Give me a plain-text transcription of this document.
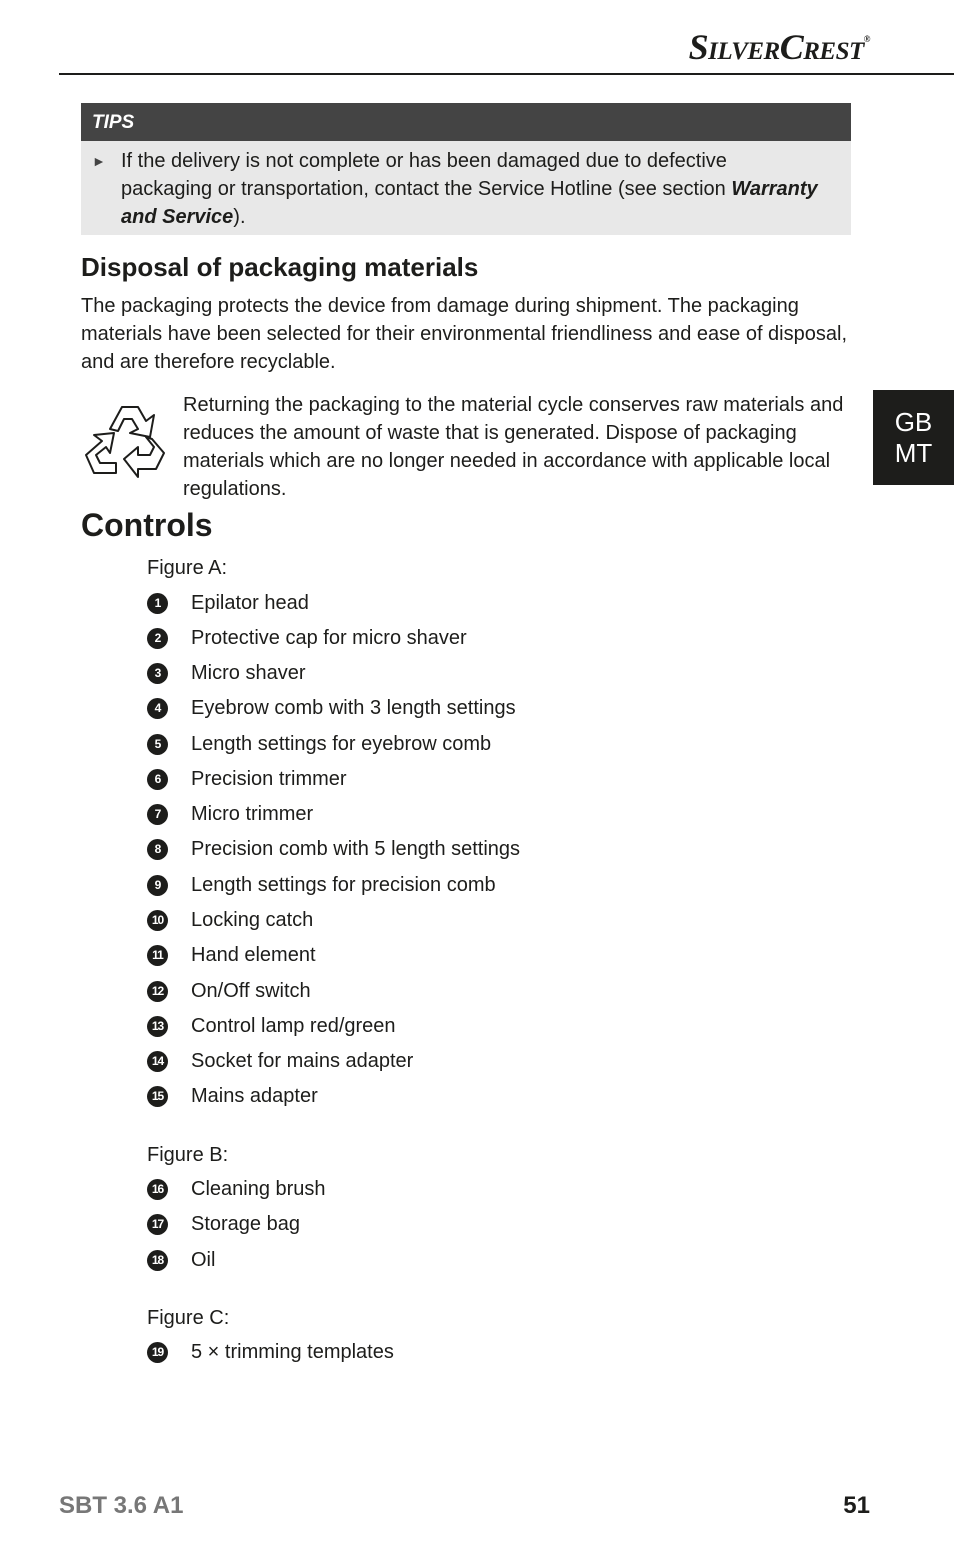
SilverCrest®
TIPS
► If the delivery is not complete or has been damaged due to defective packaging or transportation, contact the Service Hotline (see section Warranty and Service).
Disposal of packaging materials

The packaging protects the device from damage during shipment. The packaging materials have been selected for their environmental friendliness and ease of disposal, and are therefore recyclable.

Returning the packaging to the material cycle conserves raw materials and reduces the amount of waste that is generated. Dispose of packaging materials which are no longer needed in accordance with applicable local regulations.

GB
MT
Controls
Figure A:
1	Epilator head
2	Protective cap for micro shaver
3	Micro shaver
4	Eyebrow comb with 3 length settings
5	Length settings for eyebrow comb
6	Precision trimmer
7	Micro trimmer
8	Precision comb with 5 length settings
9	Length settings for precision comb
10 Locking catch
11 Hand element
12 On/Off switch
13 Control lamp red/green
14 Socket for mains adapter
15 Mains adapter
Figure B:
16 Cleaning brush
17 Storage bag
18 Oil
Figure C:
19 5 × trimming templates
SBT 3.6 A1	51
